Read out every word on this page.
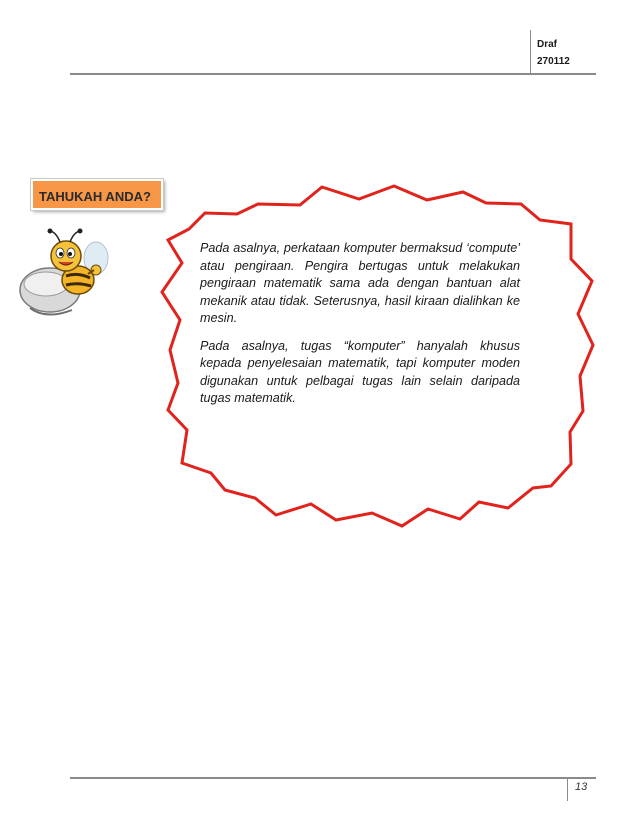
Draf
270112
TAHUKAH ANDA?

Pada asalnya, perkataan komputer bermaksud ‘compute’ atau pengiraan. Pengira bertugas untuk melakukan pengiraan matematik sama ada dengan bantuan alat mekanik atau tidak. Seterusnya, hasil kiraan dialihkan ke mesin.

Pada asalnya, tugas “komputer” hanyalah khusus kepada penyelesaian matematik, tapi komputer moden digunakan untuk pelbagai tugas lain selain daripada tugas matematik.

13
